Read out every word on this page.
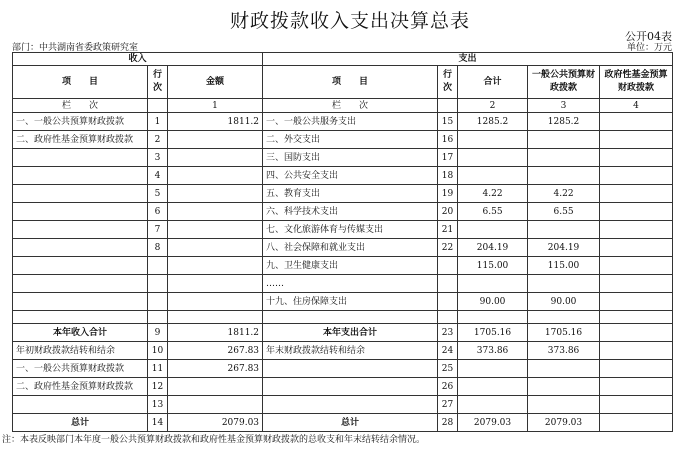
财政拨款收入支出决算总表
公开04表
部门：中共湖南省委政策研究室	单位：万元
收入			支出				
项　　目	行次	金额	项　　目	行次	合计	一般公共预算财政拨款	政府性基金预算财政拨款
栏　　次		1	栏　　次		2	3	4
一、一般公共预算财政拨款	1	1811.2	一、一般公共服务支出	15	1285.2	1285.2	
二、政府性基金预算财政拨款	2		二、外交支出	16			
	3		三、国防支出	17			
	4		四、公共安全支出	18			
	5		五、教育支出	19	4.22	4.22	
	6		六、科学技术支出	20	6.55	6.55	
	7		七、文化旅游体育与传媒支出	21			
	8		八、社会保障和就业支出	22	204.19	204.19	
			九、卫生健康支出		115.00	115.00	
			……				
			十九、住房保障支出		90.00	90.00	

本年收入合计	9	1811.2	本年支出合计	23	1705.16	1705.16	
年初财政拨款结转和结余	10	267.83	年末财政拨款结转和结余	24	373.86	373.86	
一、一般公共预算财政拨款	11	267.83		25			
二、政府性基金预算财政拨款	12			26			
	13			27			
总计	14	2079.03	总计	28	2079.03	2079.03	
注：本表反映部门本年度一般公共预算财政拨款和政府性基金预算财政拨款的总收支和年末结转结余情况。
